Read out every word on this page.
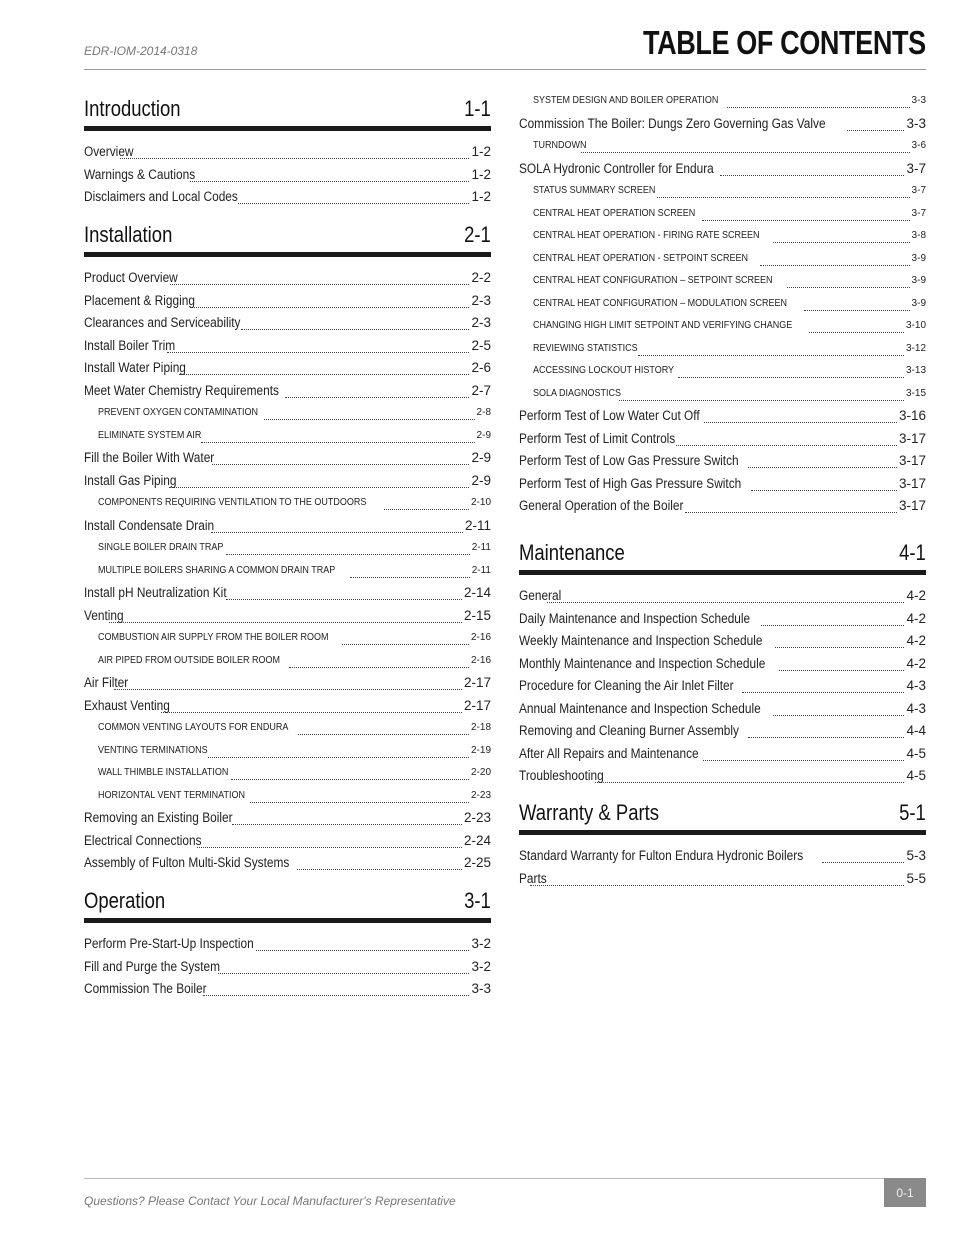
EDR-IOM-2014-0318	TABLE OF CONTENTS
Introduction	1-1
Overview	1-2
Warnings & Cautions	1-2
Disclaimers and Local Codes	1-2
Installation	2-1
Product Overview	2-2
Placement & Rigging	2-3
Clearances and Serviceability	2-3
Install Boiler Trim	2-5
Install Water Piping	2-6
Meet Water Chemistry Requirements	2-7
PREVENT OXYGEN CONTAMINATION	2-8
ELIMINATE SYSTEM AIR	2-9
Fill the Boiler With Water	2-9
Install Gas Piping	2-9
COMPONENTS REQUIRING VENTILATION TO THE OUTDOORS	2-10
Install Condensate Drain	2-11
SINGLE BOILER DRAIN TRAP	2-11
MULTIPLE BOILERS SHARING A COMMON DRAIN TRAP	2-11
Install pH Neutralization Kit	2-14
Venting	2-15
COMBUSTION AIR SUPPLY FROM THE BOILER ROOM	2-16
AIR PIPED FROM OUTSIDE BOILER ROOM	2-16
Air Filter	2-17
Exhaust Venting	2-17
COMMON VENTING LAYOUTS FOR ENDURA	2-18
VENTING TERMINATIONS	2-19
WALL THIMBLE INSTALLATION	2-20
HORIZONTAL VENT TERMINATION	2-23
Removing an Existing Boiler	2-23
Electrical Connections	2-24
Assembly of Fulton Multi-Skid Systems	2-25
Operation	3-1
Perform Pre-Start-Up Inspection	3-2
Fill and Purge the System	3-2
Commission The Boiler	3-3
SYSTEM DESIGN AND BOILER OPERATION	3-3
Commission The Boiler: Dungs Zero Governing Gas Valve	3-3
TURNDOWN	3-6
SOLA Hydronic Controller for Endura	3-7
STATUS SUMMARY SCREEN	3-7
CENTRAL HEAT OPERATION SCREEN	3-7
CENTRAL HEAT OPERATION - FIRING RATE SCREEN	3-8
CENTRAL HEAT OPERATION - SETPOINT SCREEN	3-9
CENTRAL HEAT CONFIGURATION – SETPOINT SCREEN	3-9
CENTRAL HEAT CONFIGURATION – MODULATION SCREEN	3-9
CHANGING HIGH LIMIT SETPOINT AND VERIFYING CHANGE	3-10
REVIEWING STATISTICS	3-12
ACCESSING LOCKOUT HISTORY	3-13
SOLA DIAGNOSTICS	3-15
Perform Test of Low Water Cut Off	3-16
Perform Test of Limit Controls	3-17
Perform Test of Low Gas Pressure Switch	3-17
Perform Test of High Gas Pressure Switch	3-17
General Operation of the Boiler	3-17
Maintenance	4-1
General	4-2
Daily Maintenance and Inspection Schedule	4-2
Weekly Maintenance and Inspection Schedule	4-2
Monthly Maintenance and Inspection Schedule	4-2
Procedure for Cleaning the Air Inlet Filter	4-3
Annual Maintenance and Inspection Schedule	4-3
Removing and Cleaning Burner Assembly	4-4
After All Repairs and Maintenance	4-5
Troubleshooting	4-5
Warranty & Parts	5-1
Standard Warranty for Fulton Endura Hydronic Boilers	5-3
Parts	5-5
Questions? Please Contact Your Local Manufacturer's Representative
0-1
